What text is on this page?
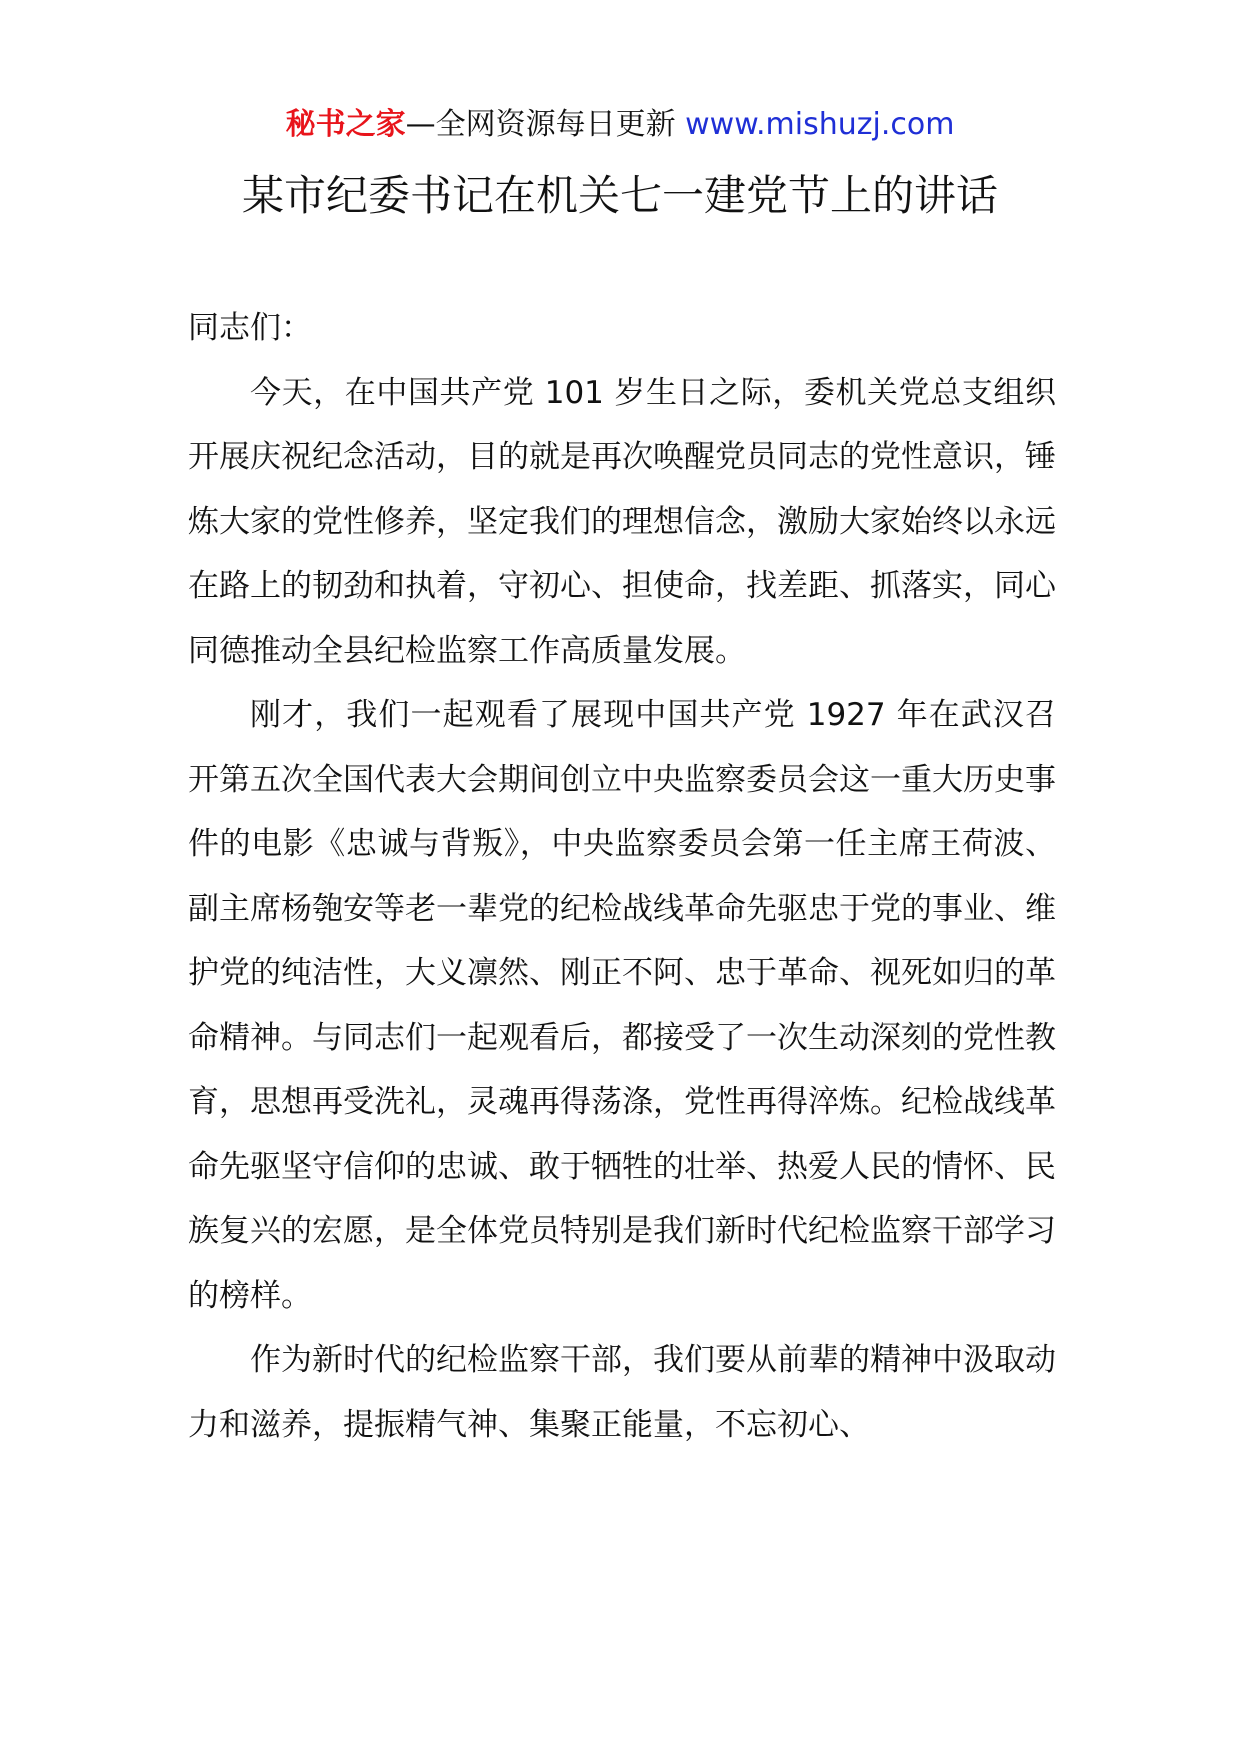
秘书之家—全网资源每日更新 www.mishuzj.com
某市纪委书记在机关七一建党节上的讲话

同志们：

今天，在中国共产党 101 岁生日之际，委机关党总支组织开展庆祝纪念活动，目的就是再次唤醒党员同志的党性意识，锤炼大家的党性修养，坚定我们的理想信念，激励大家始终以永远在路上的韧劲和执着，守初心、担使命，找差距、抓落实，同心同德推动全县纪检监察工作高质量发展。

刚才，我们一起观看了展现中国共产党 1927 年在武汉召开第五次全国代表大会期间创立中央监察委员会这一重大历史事件的电影《忠诚与背叛》，中央监察委员会第一任主席王荷波、副主席杨匏安等老一辈党的纪检战线革命先驱忠于党的事业、维护党的纯洁性，大义凛然、刚正不阿、忠于革命、视死如归的革命精神。与同志们一起观看后，都接受了一次生动深刻的党性教育，思想再受洗礼，灵魂再得荡涤，党性再得淬炼。纪检战线革命先驱坚守信仰的忠诚、敢于牺牲的壮举、热爱人民的情怀、民族复兴的宏愿，是全体党员特别是我们新时代纪检监察干部学习的榜样。

作为新时代的纪检监察干部，我们要从前辈的精神中汲取动力和滋养，提振精气神、集聚正能量，不忘初心、
